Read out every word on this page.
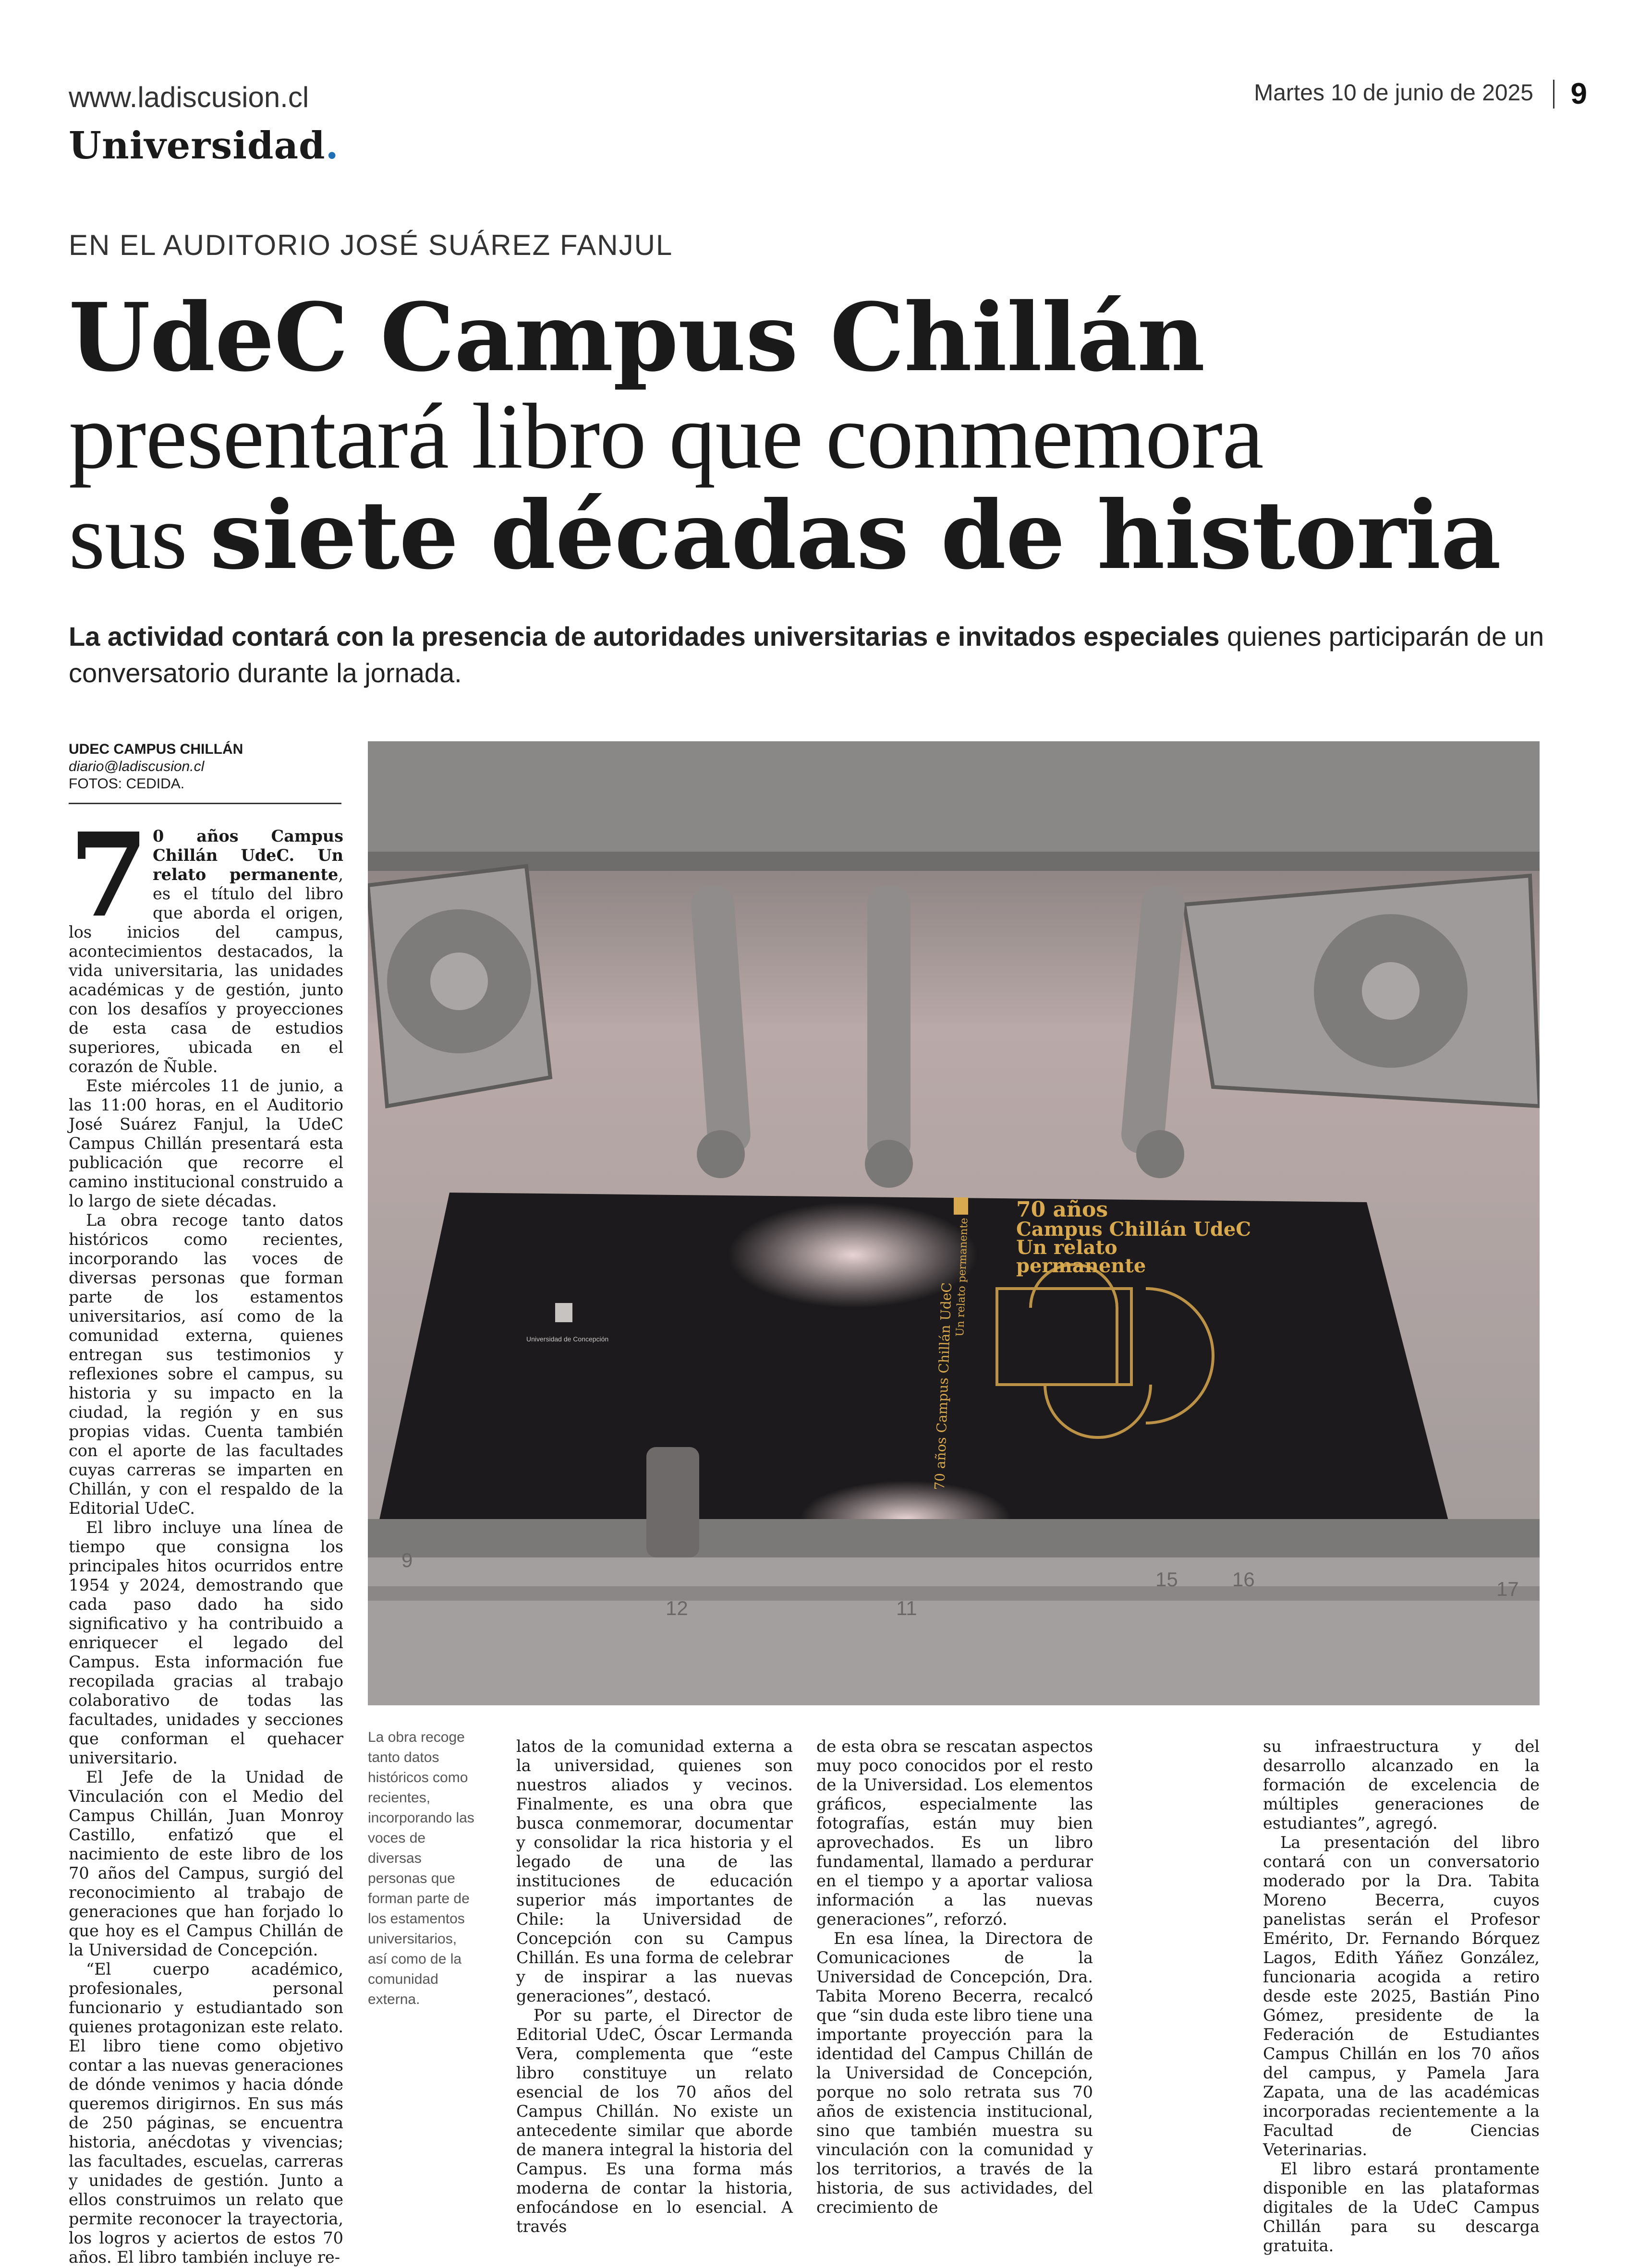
www.ladiscusion.cl	Martes 10 de junio de 2025 9
Universidad.
EN EL AUDITORIO JOSÉ SUÁREZ FANJUL
UdeC Campus Chillán
presentará libro que conmemora
sus siete décadas de historia
La actividad contará con la presencia de autoridades universitarias e invitados especiales quienes participarán de un conversatorio durante la jornada.
UDEC CAMPUS CHILLÁN
diario@ladiscusion.cl
FOTOS: CEDIDA.

7 0 años Campus Chillán UdeC. Un relato permanente, es el título del libro que aborda el origen, los inicios del campus, acontecimientos destacados, la vida universitaria, las unidades académicas y de gestión, junto con los desafíos y proyecciones de esta casa de estudios superiores, ubicada en el corazón de Ñuble.

Este miércoles 11 de junio, a las 11:00 horas, en el Auditorio José Suárez Fanjul, la UdeC Campus Chillán presentará esta publicación que recorre el camino institucional construido a lo largo de siete décadas.

La obra recoge tanto datos históricos como recientes, incorporando las voces de diversas personas que forman parte de los estamentos universitarios, así como de la comunidad externa, quienes entregan sus testimonios y reflexiones sobre el campus, su historia y su impacto en la ciudad, la región y en sus propias vidas. Cuenta también con el aporte de las facultades cuyas carreras se imparten en Chillán, y con el respaldo de la Editorial UdeC.

El libro incluye una línea de tiempo que consigna los principales hitos ocurridos entre 1954 y 2024, demostrando que cada paso dado ha sido significativo y ha contribuido a enriquecer el legado del Campus. Esta información fue recopilada gracias al trabajo colaborativo de todas las facultades, unidades y secciones que conforman el quehacer universitario.

El Jefe de la Unidad de Vinculación con el Medio del Campus Chillán, Juan Monroy Castillo, enfatizó que el nacimiento de este libro de los 70 años del Campus, surgió del reconocimiento al trabajo de generaciones que han forjado lo que hoy es el Campus Chillán de la Universidad de Concepción.

“El cuerpo académico, profesionales, personal funcionario y estudiantado son quienes protagonizan este relato. El libro tiene como objetivo contar a las nuevas generaciones de dónde venimos y hacia dónde queremos dirigirnos. En sus más de 250 páginas, se encuentra historia, anécdotas y vivencias; las facultades, escuelas, carreras y unidades de gestión. Junto a ellos construimos un relato que permite reconocer la trayectoria, los logros y aciertos de estos 70 años. El libro también incluye re-

70 años
Campus Chillán UdeC
Un relato
permanente
70 años Campus Chillán UdeC
Un relato permanente
Universidad de Concepción
9
12	11
15	16	17
La obra recoge tanto datos históricos como recientes, incorporando las voces de diversas personas que forman parte de los estamentos universitarios, así como de la comunidad externa.

latos de la comunidad externa a la universidad, quienes son nuestros aliados y vecinos. Finalmente, es una obra que busca conmemorar, documentar y consolidar la rica historia y el legado de una de las instituciones de educación superior más importantes de Chile: la Universidad de Concepción con su Campus Chillán. Es una forma de celebrar y de inspirar a las nuevas generaciones”, destacó.

Por su parte, el Director de Editorial UdeC, Óscar Lermanda Vera, complementa que “este libro constituye un relato esencial de los 70 años del Campus Chillán. No existe un antecedente similar que aborde de manera integral la historia del Campus. Es una forma más moderna de contar la historia, enfocándose en lo esencial. A través

de esta obra se rescatan aspectos muy poco conocidos por el resto de la Universidad. Los elementos gráficos, especialmente las fotografías, están muy bien aprovechados. Es un libro fundamental, llamado a perdurar en el tiempo y a aportar valiosa información a las nuevas generaciones”, reforzó.

En esa línea, la Directora de Comunicaciones de la Universidad de Concepción, Dra. Tabita Moreno Becerra, recalcó que “sin duda este libro tiene una importante proyección para la identidad del Campus Chillán de la Universidad de Concepción, porque no solo retrata sus 70 años de existencia institucional, sino que también muestra su vinculación con la comunidad y los territorios, a través de la historia, de sus actividades, del crecimiento de

su infraestructura y del desarrollo alcanzado en la formación de excelencia de múltiples generaciones de estudiantes”, agregó.

La presentación del libro contará con un conversatorio moderado por la Dra. Tabita Moreno Becerra, cuyos panelistas serán el Profesor Emérito, Dr. Fernando Bórquez Lagos, Edith Yáñez González, funcionaria acogida a retiro desde este 2025, Bastián Pino Gómez, presidente de la Federación de Estudiantes Campus Chillán en los 70 años del campus, y Pamela Jara Zapata, una de las académicas incorporadas recientemente a la Facultad de Ciencias Veterinarias.

El libro estará prontamente disponible en las plataformas digitales de la UdeC Campus Chillán para su descarga gratuita.
